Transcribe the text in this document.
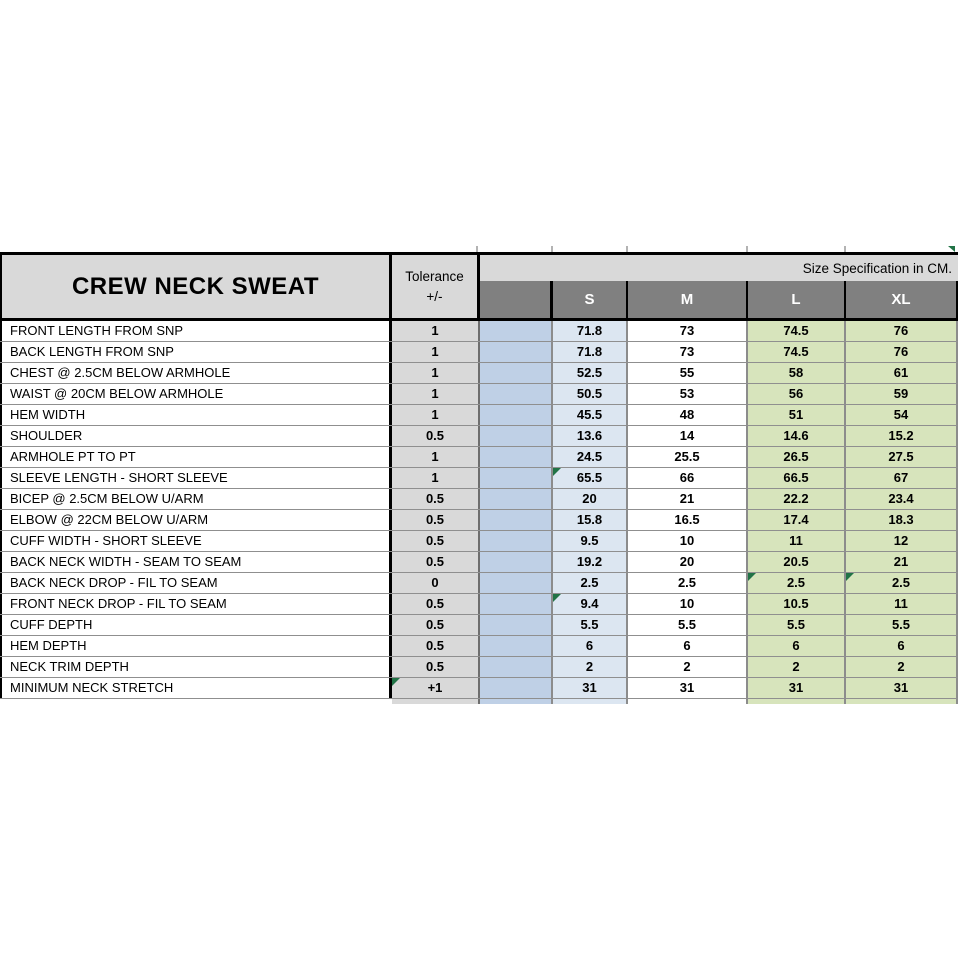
CREW NECK SWEAT	Tolerance
+/-
Size Specification in CM.
S	M	L	XL
FRONT LENGTH FROM SNP	1	71.8	73	74.5	76
BACK LENGTH FROM SNP	1	71.8	73	74.5	76
CHEST @ 2.5CM BELOW ARMHOLE	1	52.5	55	58	61
WAIST @ 20CM BELOW ARMHOLE	1	50.5	53	56	59
HEM WIDTH	1	45.5	48	51	54
SHOULDER	0.5	13.6	14	14.6	15.2
ARMHOLE PT TO PT	1	24.5	25.5	26.5	27.5
SLEEVE LENGTH - SHORT SLEEVE	1	65.5	66	66.5	67
BICEP @ 2.5CM BELOW U/ARM	0.5	20	21	22.2	23.4
ELBOW @ 22CM BELOW U/ARM	0.5	15.8	16.5	17.4	18.3
CUFF WIDTH - SHORT SLEEVE	0.5	9.5	10	11	12
BACK NECK WIDTH - SEAM TO SEAM	0.5	19.2	20	20.5	21
BACK NECK DROP - FIL TO SEAM	0	2.5	2.5	2.5	2.5
FRONT NECK DROP - FIL TO SEAM	0.5	9.4	10	10.5	11
CUFF DEPTH	0.5	5.5	5.5	5.5	5.5
HEM DEPTH	0.5	6	6	6	6
NECK TRIM DEPTH	0.5	2	2	2	2
MINIMUM NECK STRETCH	+1	31	31	31	31
